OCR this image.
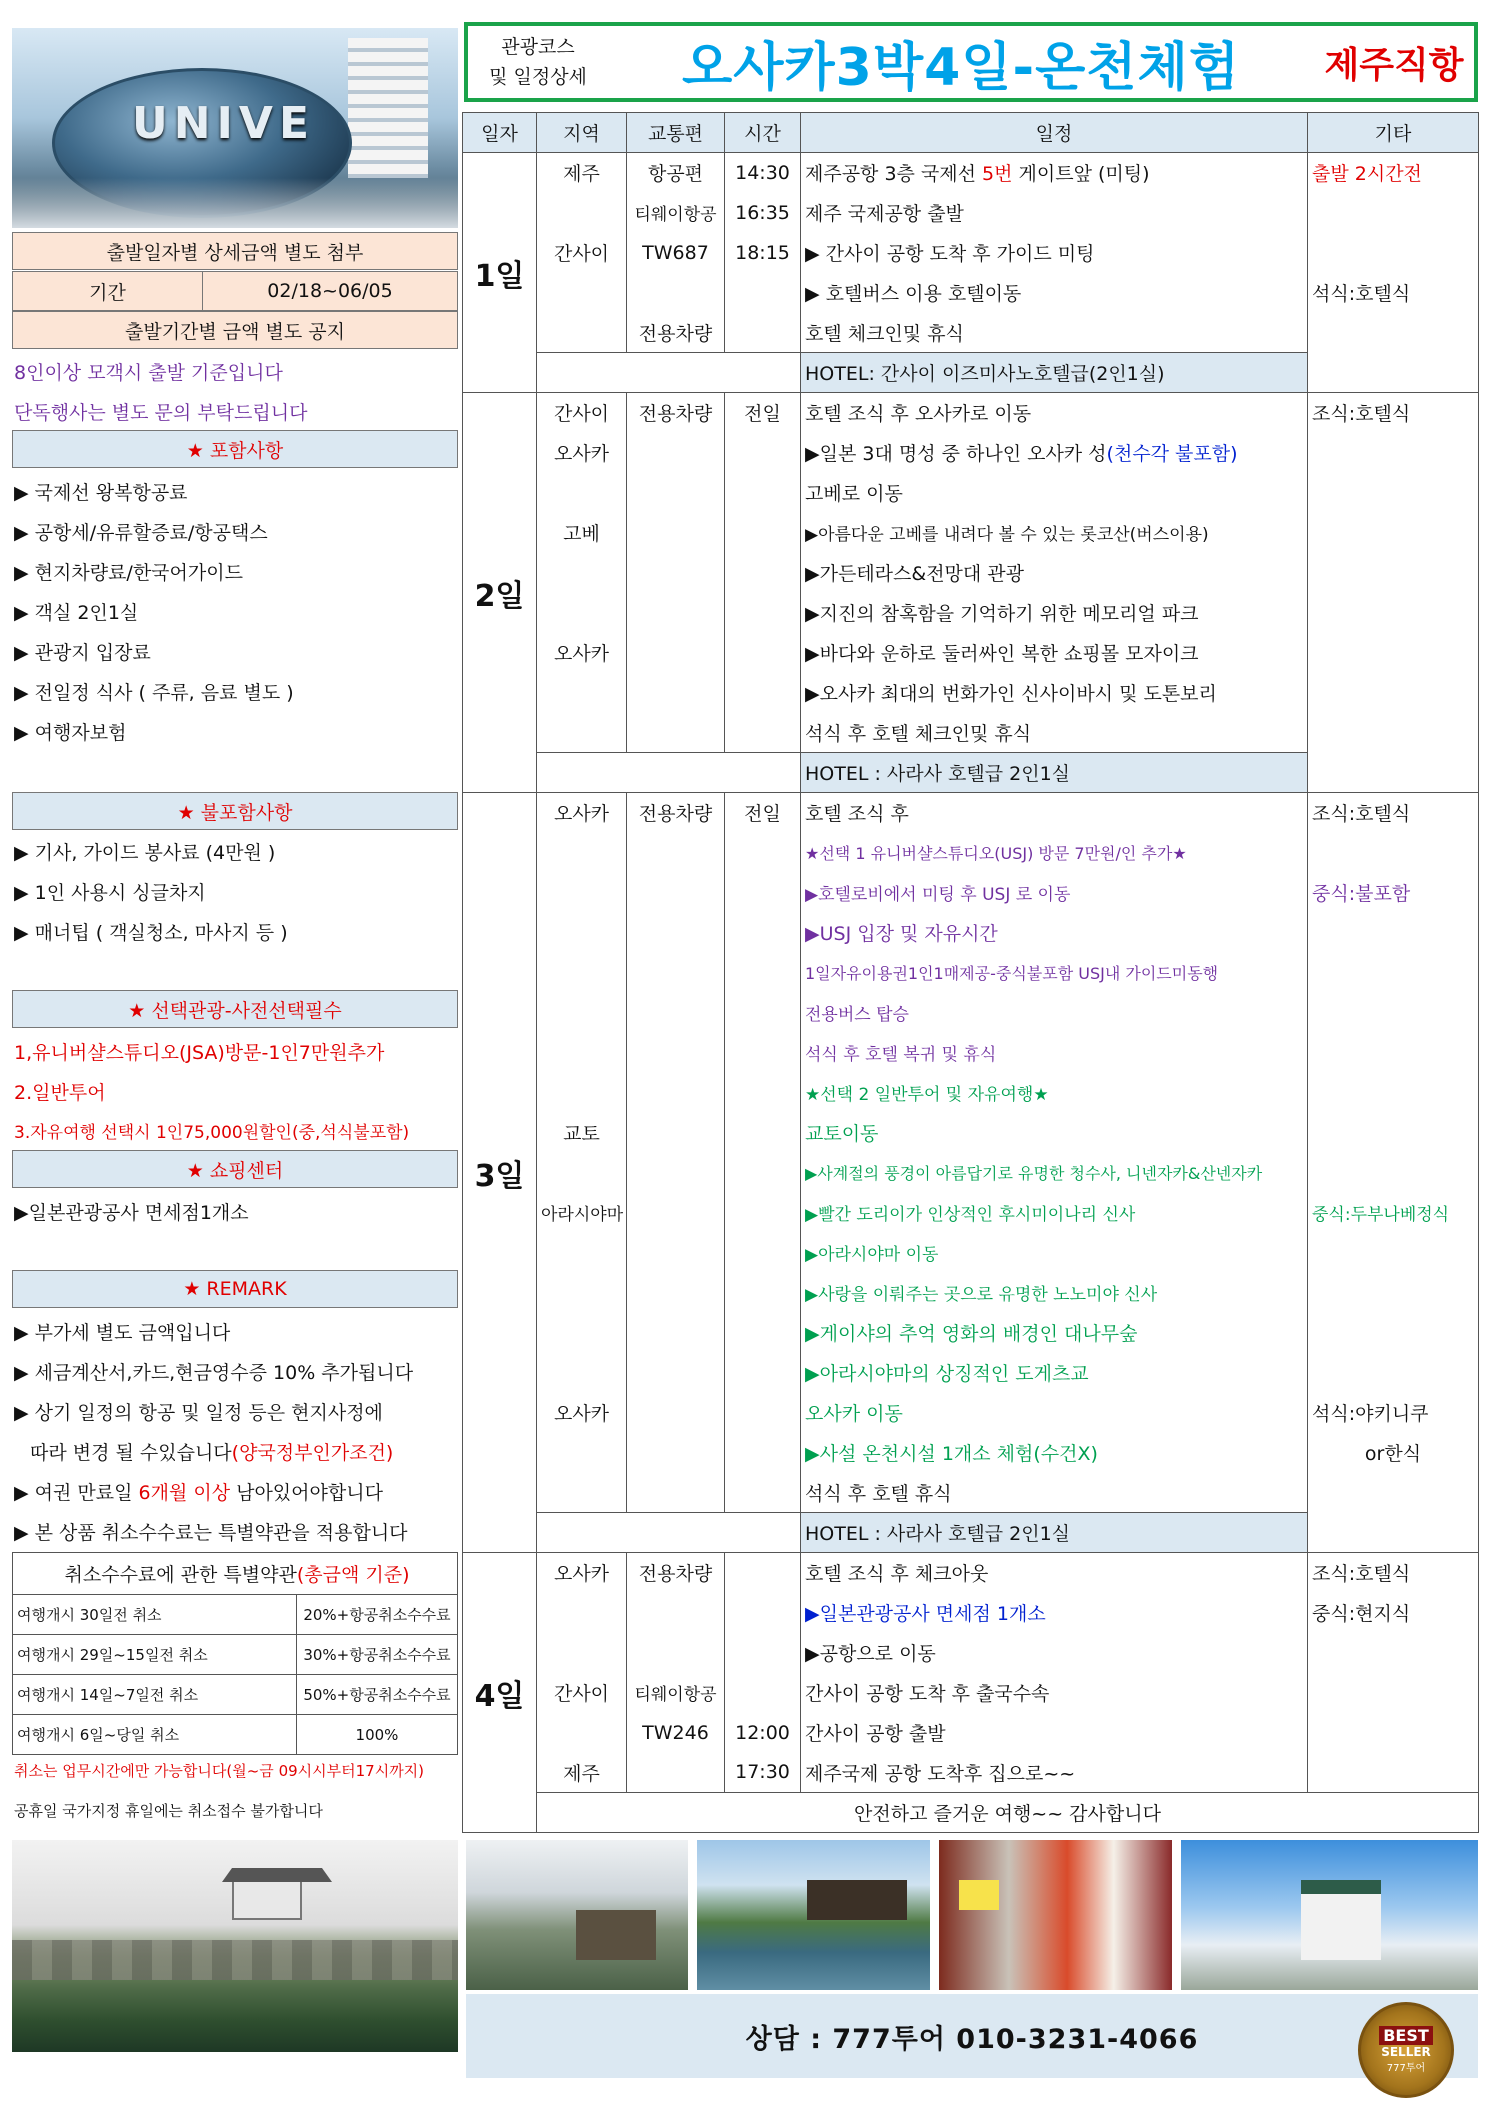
UNIVE
출발일자별 상세금액 별도 첨부
기간	02/18~06/05
출발기간별 금액 별도 공지
8인이상 모객시 출발 기준입니다
단독행사는 별도 문의 부탁드립니다
★ 포함사항
▶ 국제선 왕복항공료
▶ 공항세/유류할증료/항공택스
▶ 현지차량료/한국어가이드
▶ 객실 2인1실
▶ 관광지 입장료
▶ 전일정 식사 ( 주류, 음료 별도 )
▶ 여행자보험
★ 불포함사항
▶ 기사, 가이드 봉사료 (4만원 )
▶ 1인 사용시 싱글차지
▶ 매너팁 ( 객실청소, 마사지 등 )
★ 선택관광-사전선택필수
1,유니버샬스튜디오(JSA)방문-1인7만원추가
2.일반투어
3.자유여행 선택시 1인75,000원할인(중,석식불포함)
★ 쇼핑센터
▶일본관광공사 면세점1개소
★ REMARK
▶ 부가세 별도 금액입니다
▶ 세금계산서,카드,현금영수증 10% 추가됩니다
▶ 상기 일정의 항공 및 일정 등은 현지사정에
따라 변경 될 수있습니다(양국정부인가조건)
▶ 여권 만료일 6개월 이상 남아있어야합니다
▶ 본 상품 취소수수료는 특별약관을 적용합니다
취소수수료에 관한 특별약관(총금액 기준)	
여행개시 30일전 취소	20%+항공취소수수료
여행개시 29일~15일전 취소	30%+항공취소수수료
여행개시 14일~7일전 취소	50%+항공취소수수료
여행개시 6일~당일 취소	100%
취소는 업무시간에만 가능합니다(월~금 09시시부터17시까지)
공휴일 국가지정 휴일에는 취소접수 불가합니다
관광코스
및 일정상세	오사카3박4일-온천체험	제주직항
일자	지역	교통편	시간	일정	기타
1일	제주	항공편	14:30	제주공항 3층 국제선 5번 게이트앞 (미팅)	출발 2시간전
		티웨이항공	16:35	제주 국제공항 출발	
	간사이	TW687	18:15	▶ 간사이 공항 도착 후 가이드 미팅	
				▶ 호텔버스 이용 호텔이동	석식:호텔식
		전용차량		호텔 체크인및 휴식	
				HOTEL: 간사이 이즈미사노호텔급(2인1실)	
2일	간사이	전용차량	전일	호텔 조식 후 오사카로 이동	조식:호텔식
	오사카			▶일본 3대 명성 중 하나인 오사카 성(천수각 불포함)	
				고베로 이동	
	고베			▶아름다운 고베를 내려다 볼 수 있는 롯코산(버스이용)	
				▶가든테라스&전망대 관광	
				▶지진의 참혹함을 기억하기 위한 메모리얼 파크	
	오사카			▶바다와 운하로 둘러싸인 복한 쇼핑몰 모자이크	
				▶오사카 최대의 번화가인 신사이바시 및 도톤보리	
				석식 후 호텔 체크인및 휴식	
				HOTEL : 사라사 호텔급 2인1실	
3일	오사카	전용차량	전일	호텔 조식 후	조식:호텔식
				★선택 1 유니버샬스튜디오(USJ) 방문 7만원/인 추가★	
				▶호텔로비에서 미팅 후 USJ 로 이동	중식:불포함
				▶USJ 입장 및 자유시간	
				1일자유이용권1인1매제공-중식불포함 USJ내 가이드미동행	
				전용버스 탑승	
				석식 후 호텔 복귀 및 휴식	
				★선택 2 일반투어 및 자유여행★	
	교토			교토이동	
				▶사계절의 풍경이 아름답기로 유명한 청수사, 니넨자카&산넨자카	
	아라시야마			▶빨간 도리이가 인상적인 후시미이나리 신사	중식:두부나베정식
				▶아라시야마 이동	
				▶사랑을 이뤄주는 곳으로 유명한 노노미야 신사	
				▶게이샤의 추억 영화의 배경인 대나무숲	
				▶아라시야마의 상징적인 도게츠교	
	오사카			오사카 이동	석식:야키니쿠
				▶사설 온천시설 1개소 체험(수건X)	or한식
				석식 후 호텔 휴식	
				HOTEL : 사라사 호텔급 2인1실	
4일	오사카	전용차량		호텔 조식 후 체크아웃	조식:호텔식
				▶일본관광공사 면세점 1개소	중식:현지식
				▶공항으로 이동	
	간사이	티웨이항공		간사이 공항 도착 후 출국수속	
		TW246	12:00	간사이 공항 출발	
	제주		17:30	제주국제 공항 도착후 집으로~~	
	안전하고 즐거운 여행~~ 감사합니다				
상담 : 777투어 010-3231-4066	BEST
SELLER
777투어
